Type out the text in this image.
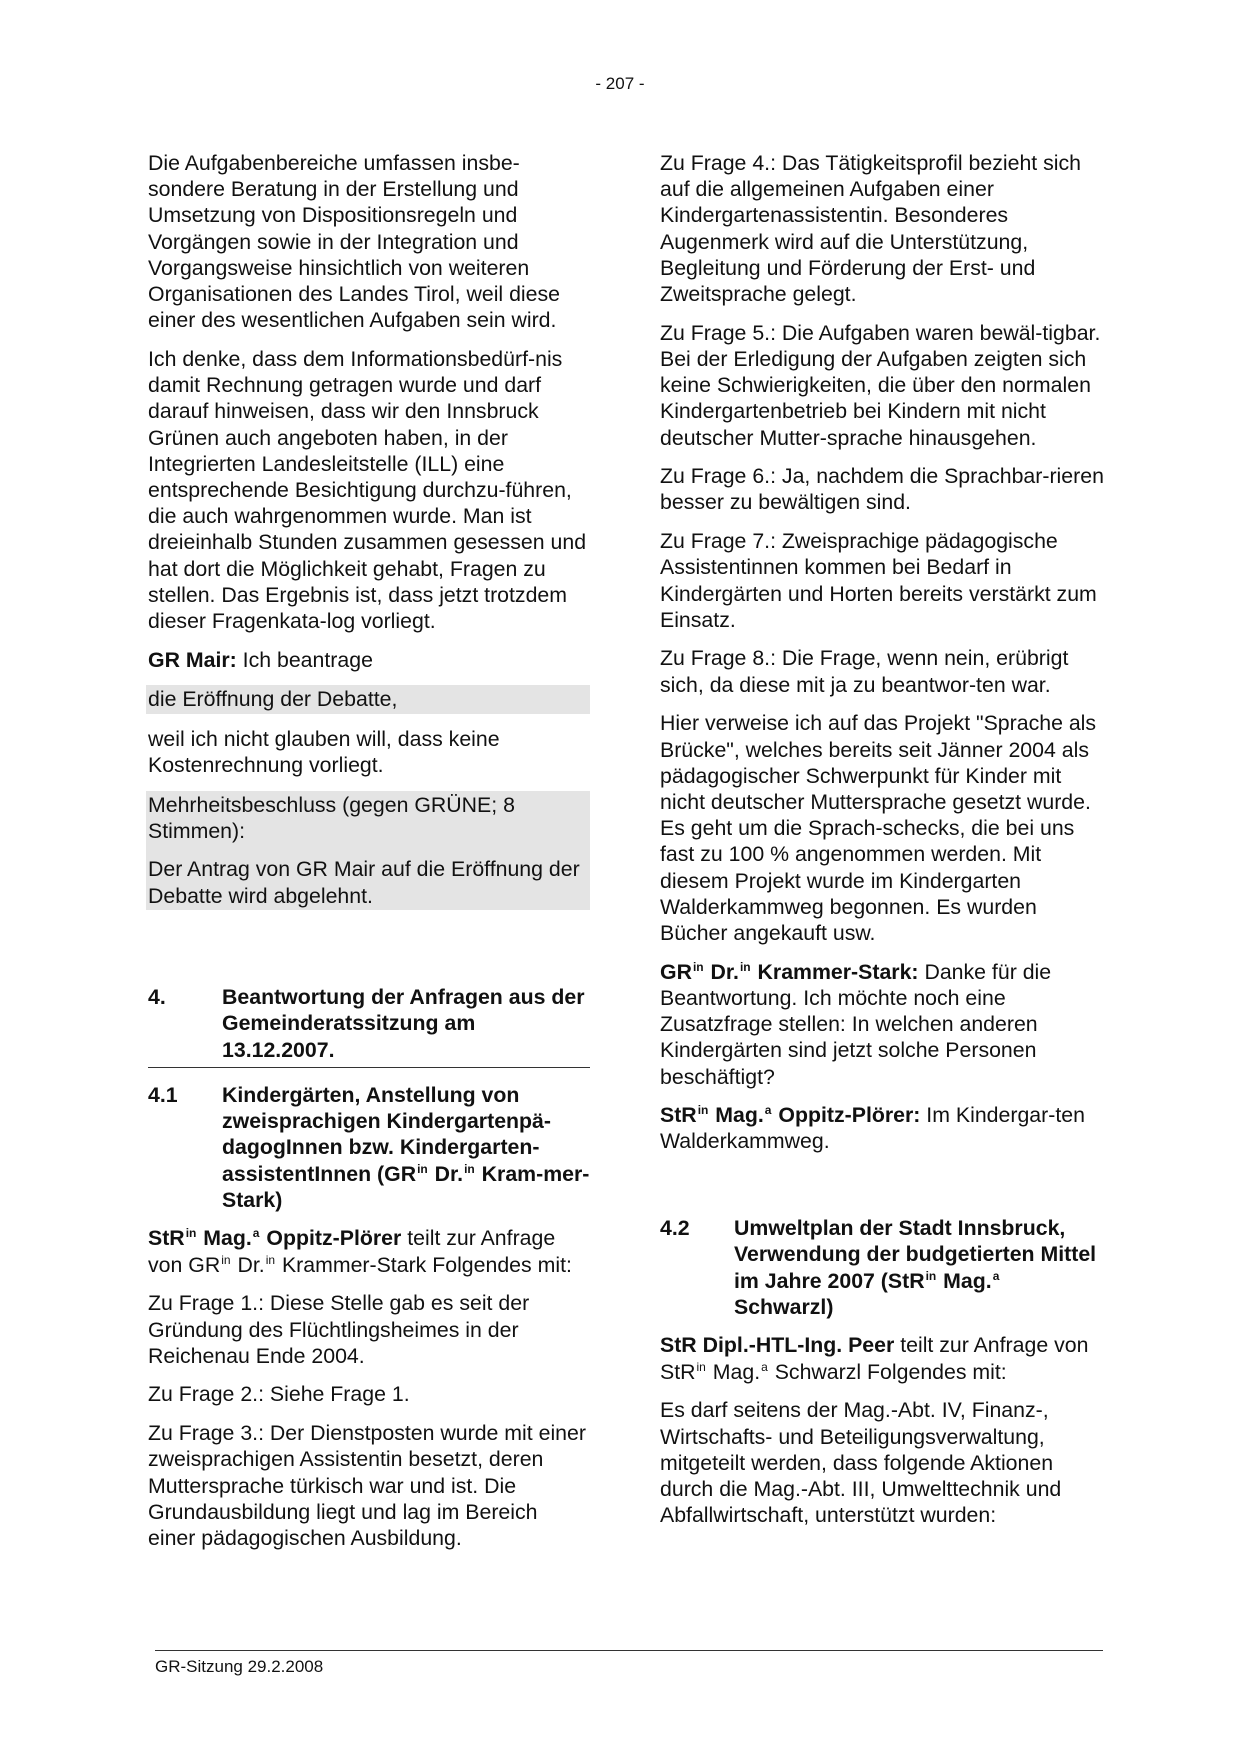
- 207 -

Die Aufgabenbereiche umfassen insbe-sondere Beratung in der Erstellung und Umsetzung von Dispositionsregeln und Vorgängen sowie in der Integration und Vorgangsweise hinsichtlich von weiteren Organisationen des Landes Tirol, weil diese einer des wesentlichen Aufgaben sein wird.

Ich denke, dass dem Informationsbedürf-nis damit Rechnung getragen wurde und darf darauf hinweisen, dass wir den Innsbruck Grünen auch angeboten haben, in der Integrierten Landesleitstelle (ILL) eine entsprechende Besichtigung durchzu-führen, die auch wahrgenommen wurde. Man ist dreieinhalb Stunden zusammen gesessen und hat dort die Möglichkeit gehabt, Fragen zu stellen. Das Ergebnis ist, dass jetzt trotzdem dieser Fragenkata-log vorliegt.

GR Mair: Ich beantrage

die Eröffnung der Debatte,

weil ich nicht glauben will, dass keine Kostenrechnung vorliegt.

Mehrheitsbeschluss (gegen GRÜNE; 8 Stimmen):

Der Antrag von GR Mair auf die Eröffnung der Debatte wird abgelehnt.

4.	Beantwortung der Anfragen aus der Gemeinderatssitzung am 13.12.2007.
4.1	Kindergärten, Anstellung von zweisprachigen Kindergartenpä-dagogInnen bzw. Kindergarten-assistentInnen ($GR^{in}$ Dr.$^{in}$ Kram-mer-Stark)

StR$^{in}$ Mag.$^a$ Oppitz-Plörer teilt zur Anfrage von $GR^{in}$ Dr.$^{in}$ Krammer-Stark Folgendes mit:

Zu Frage 1.: Diese Stelle gab es seit der Gründung des Flüchtlingsheimes in der Reichenau Ende 2004.

Zu Frage 2.: Siehe Frage 1.

Zu Frage 3.: Der Dienstposten wurde mit einer zweisprachigen Assistentin besetzt, deren Muttersprache türkisch war und ist. Die Grundausbildung liegt und lag im Bereich einer pädagogischen Ausbildung.

Zu Frage 4.: Das Tätigkeitsprofil bezieht sich auf die allgemeinen Aufgaben einer Kindergartenassistentin. Besonderes Augenmerk wird auf die Unterstützung, Begleitung und Förderung der Erst- und Zweitsprache gelegt.

Zu Frage 5.: Die Aufgaben waren bewäl-tigbar. Bei der Erledigung der Aufgaben zeigten sich keine Schwierigkeiten, die über den normalen Kindergartenbetrieb bei Kindern mit nicht deutscher Mutter-sprache hinausgehen.

Zu Frage 6.: Ja, nachdem die Sprachbar-rieren besser zu bewältigen sind.

Zu Frage 7.: Zweisprachige pädagogische Assistentinnen kommen bei Bedarf in Kindergärten und Horten bereits verstärkt zum Einsatz.

Zu Frage 8.: Die Frage, wenn nein, erübrigt sich, da diese mit ja zu beantwor-ten war.

Hier verweise ich auf das Projekt "Sprache als Brücke", welches bereits seit Jänner 2004 als pädagogischer Schwerpunkt für Kinder mit nicht deutscher Muttersprache gesetzt wurde. Es geht um die Sprach-schecks, die bei uns fast zu 100 % angenommen werden. Mit diesem Projekt wurde im Kindergarten Walderkammweg begonnen. Es wurden Bücher angekauft usw.

$GR^{in}$ Dr.$^{in}$ Krammer-Stark: Danke für die Beantwortung. Ich möchte noch eine Zusatzfrage stellen: In welchen anderen Kindergärten sind jetzt solche Personen beschäftigt?

StR$^{in}$ Mag.$^a$ Oppitz-Plörer: Im Kindergar-ten Walderkammweg.

4.2	Umweltplan der Stadt Innsbruck, Verwendung der budgetierten Mittel im Jahre 2007 (StR$^{in}$ Mag.$^a$ Schwarzl)

StR Dipl.-HTL-Ing. Peer teilt zur Anfrage von StR$^{in}$ Mag.$^a$ Schwarzl Folgendes mit:

Es darf seitens der Mag.-Abt. IV, Finanz-, Wirtschafts- und Beteiligungsverwaltung, mitgeteilt werden, dass folgende Aktionen durch die Mag.-Abt. III, Umwelttechnik und Abfallwirtschaft, unterstützt wurden:

GR-Sitzung 29.2.2008
